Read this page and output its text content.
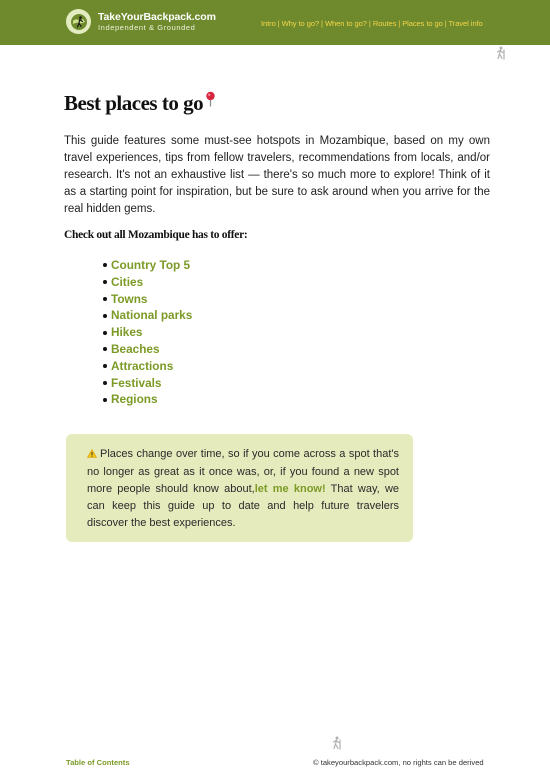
TakeYourBackpack.com
Independent & Grounded	Intro | Why to go? | When to go? | Routes | Places to go | Travel info
Best places to go

This guide features some must-see hotspots in Mozambique, based on my own travel experiences, tips from fellow travelers, recommendations from locals, and/or research. It's not an exhaustive list — there's so much more to explore! Think of it as a starting point for inspiration, but be sure to ask around when you arrive for the real hidden gems.

Check out all Mozambique has to offer:

Country Top 5
Cities
Towns
National parks
Hikes
Beaches
Attractions
Festivals
Regions

Places change over time, so if you come across a spot that's no longer as great as it once was, or, if you found a new spot more people should know about,let me know! That way, we can keep this guide up to date and help future travelers discover the best experiences.

Table of Contents	© takeyourbackpack.com, no rights can be derived
